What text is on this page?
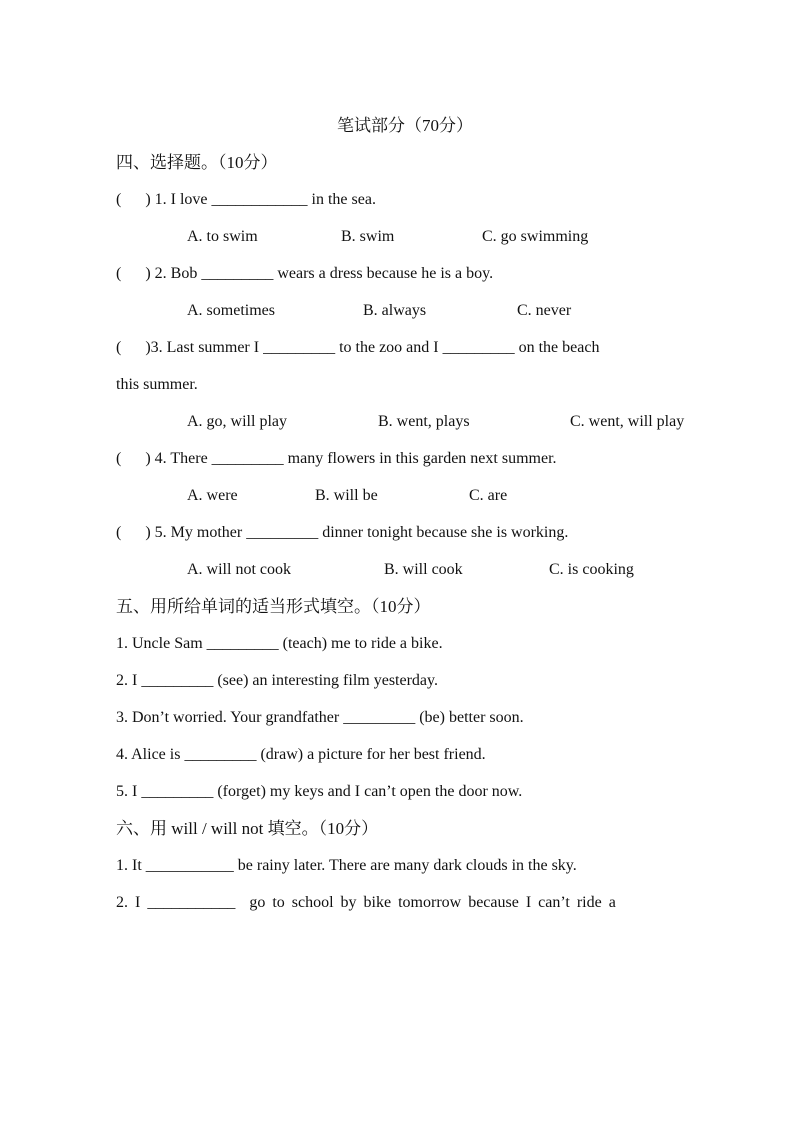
笔试部分（70分）
四、选择题。（10分）
(      ) 1. I love ____________ in the sea.
A. to swim	B. swim	C. go swimming
(      ) 2. Bob _________ wears a dress because he is a boy.
A. sometimes	B. always	C. never
(      )3. Last summer I _________ to the zoo and I _________ on the beach
this summer.
A. go, will play	B. went, plays	C. went, will play
(      ) 4. There _________ many flowers in this garden next summer.
A. were	B. will be	C. are
(      ) 5. My mother _________ dinner tonight because she is working.
A. will not cook	B. will cook	C. is cooking
五、用所给单词的适当形式填空。（10分）
1. Uncle Sam _________ (teach) me to ride a bike.
2. I _________ (see) an interesting film yesterday.
3. Don’t worried. Your grandfather _________ (be) better soon.
4. Alice is _________ (draw) a picture for her best friend.
5. I _________ (forget) my keys and I can’t open the door now.
六、用 will / will not 填空。（10分）
1. It ___________ be rainy later. There are many dark clouds in the sky.
2. I ___________  go to school by bike tomorrow because I can’t ride a
